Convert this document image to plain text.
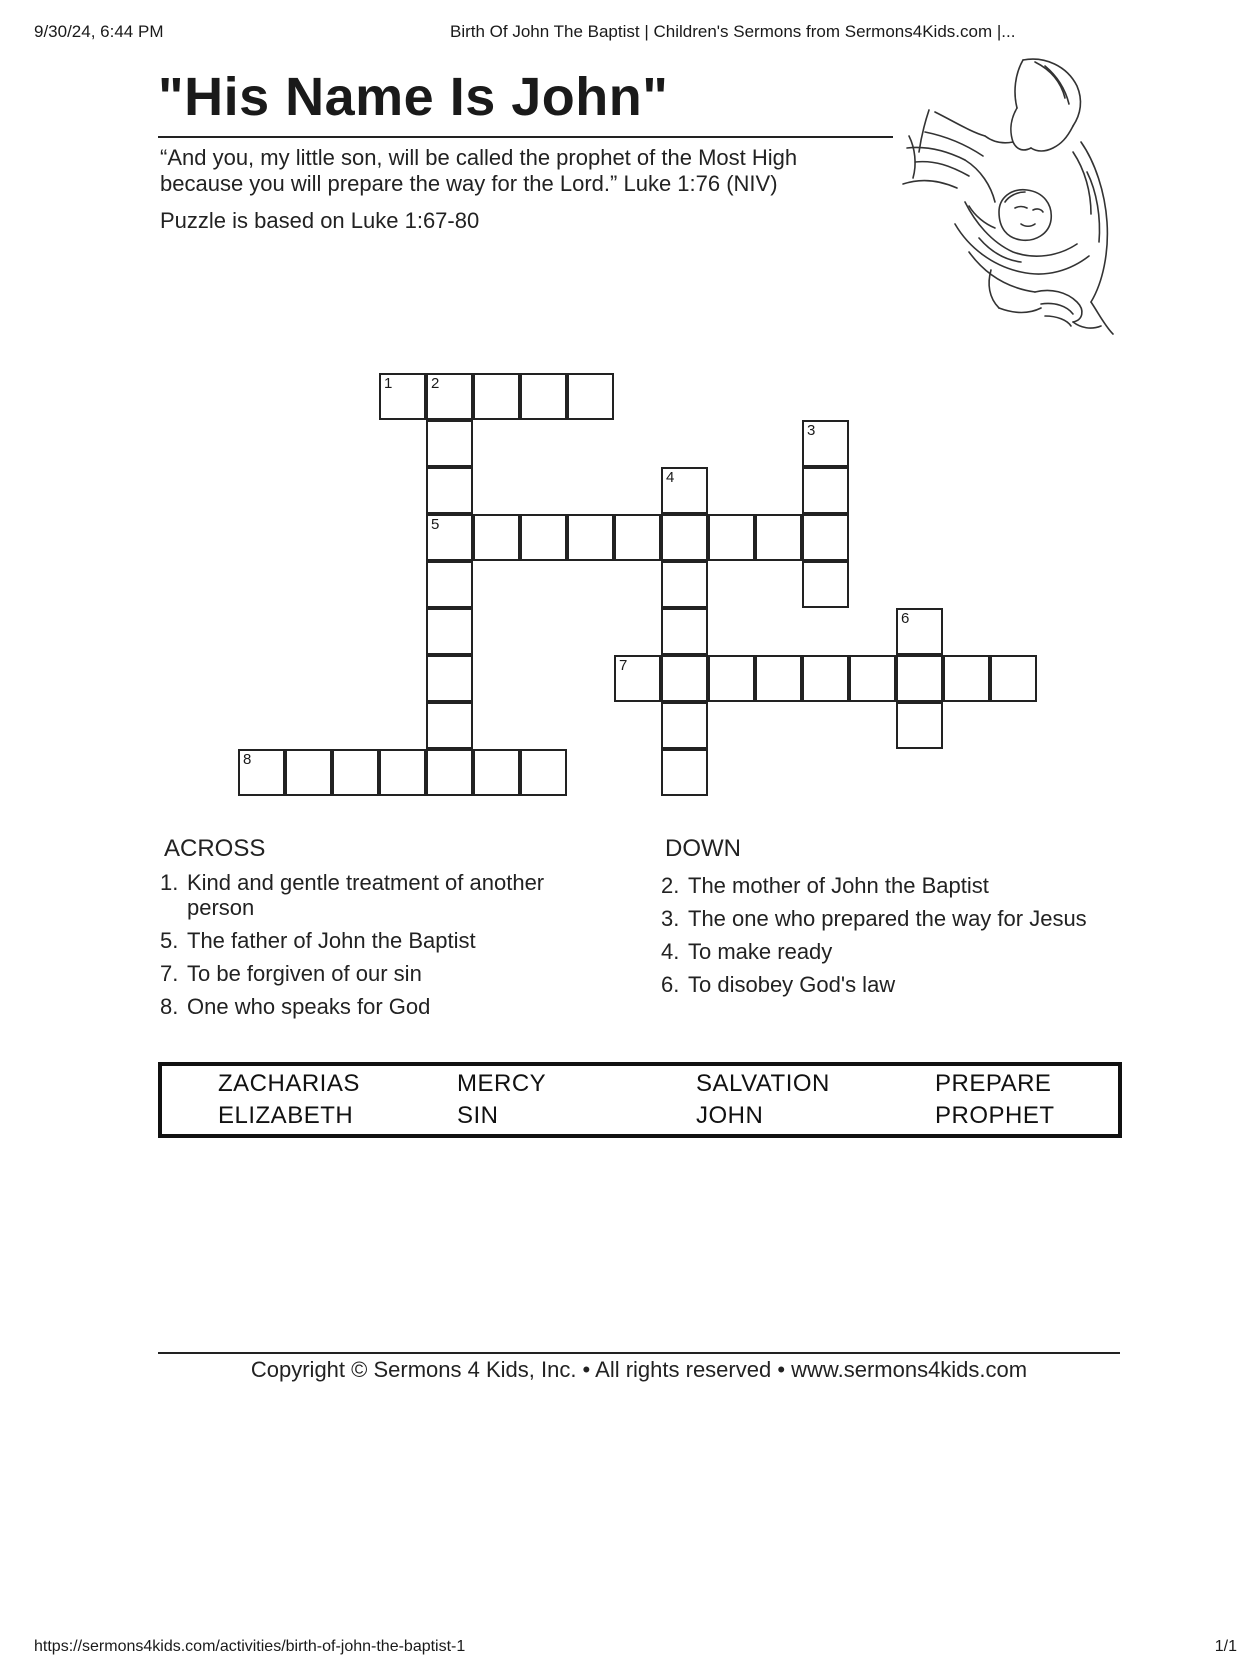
9/30/24, 6:44 PM	Birth Of John The Baptist | Children's Sermons from Sermons4Kids.com |...
"His Name Is John"
“And you, my little son, will be called the prophet of the Most High because you will prepare the way for the Lord.” Luke 1:76 (NIV)
Puzzle is based on Luke 1:67-80
1	2
5
3
4
6
7
8
ACROSS
1. Kind and gentle treatment of another person
5. The father of John the Baptist
7. To be forgiven of our sin
8. One who speaks for God
DOWN
2. The mother of John the Baptist
3. The one who prepared the way for Jesus
4. To make ready
6. To disobey God's law
ZACHARIAS	MERCY	SALVATION	PREPARE
ELIZABETH	SIN	JOHN	PROPHET
Copyright © Sermons 4 Kids, Inc. • All rights reserved • www.sermons4kids.com
https://sermons4kids.com/activities/birth-of-john-the-baptist-1	1/1
